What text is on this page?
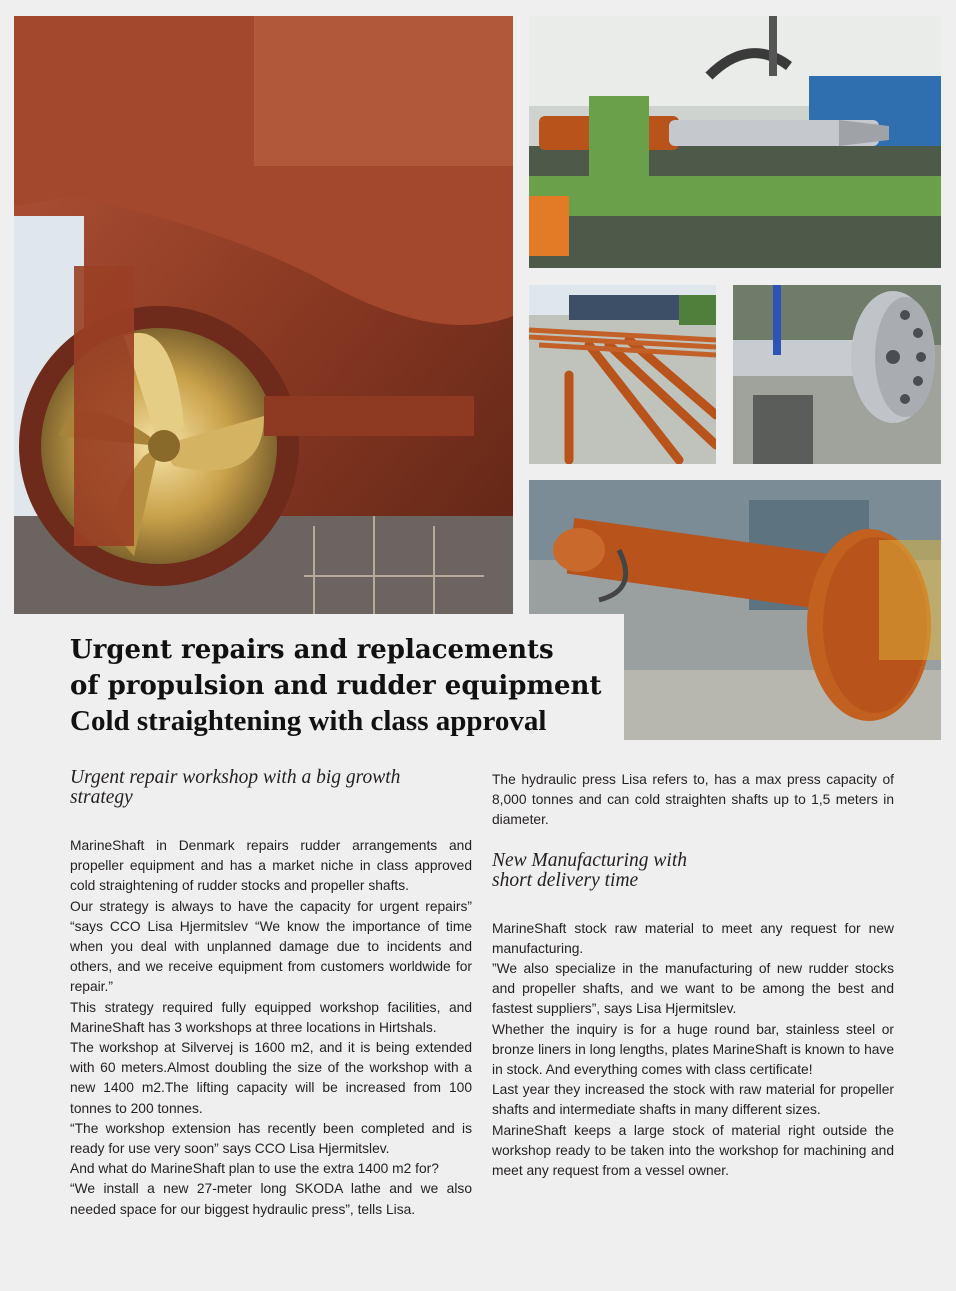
Urgent repairs and replacements
of propulsion and rudder equipment
Cold straightening with class approval
Urgent repair workshop with a big growth strategy

MarineShaft in Denmark repairs rudder arrangements and propeller equipment and has a market niche in class approved cold straightening of rudder stocks and propeller shafts.

Our strategy is always to have the capacity for urgent repairs” “says CCO Lisa Hjermitslev “We know the importance of time when you deal with unplanned damage due to incidents and others, and we receive equipment from customers worldwide for repair.”

This strategy required fully equipped workshop facilities, and MarineShaft has 3 workshops at three locations in Hirtshals.

The workshop at Silvervej is 1600 m2, and it is being extended with 60 meters.Almost doubling the size of the workshop with a new 1400 m2.The lifting capacity will be increased from 100 tonnes to 200 tonnes.

“The workshop extension has recently been completed and is ready for use very soon” says CCO Lisa Hjermitslev.

And what do MarineShaft plan to use the extra 1400 m2 for?

“We install a new 27-meter long SKODA lathe and we also needed space for our biggest hydraulic press”, tells Lisa.

The hydraulic press Lisa refers to, has a max press capacity of 8,000 tonnes and can cold straighten shafts up to 1,5 meters in diameter.

New Manufacturing with short delivery time

MarineShaft stock raw material to meet any request for new manufacturing.

”We also specialize in the manufacturing of new rudder stocks and propeller shafts, and we want to be among the best and fastest suppliers”, says Lisa Hjermitslev.

Whether the inquiry is for a huge round bar, stainless steel or bronze liners in long lengths, plates MarineShaft is known to have in stock. And everything comes with class certificate!

Last year they increased the stock with raw material for propeller shafts and intermediate shafts in many different sizes.

MarineShaft keeps a large stock of material right outside the workshop ready to be taken into the workshop for machining and meet any request from a vessel owner.
